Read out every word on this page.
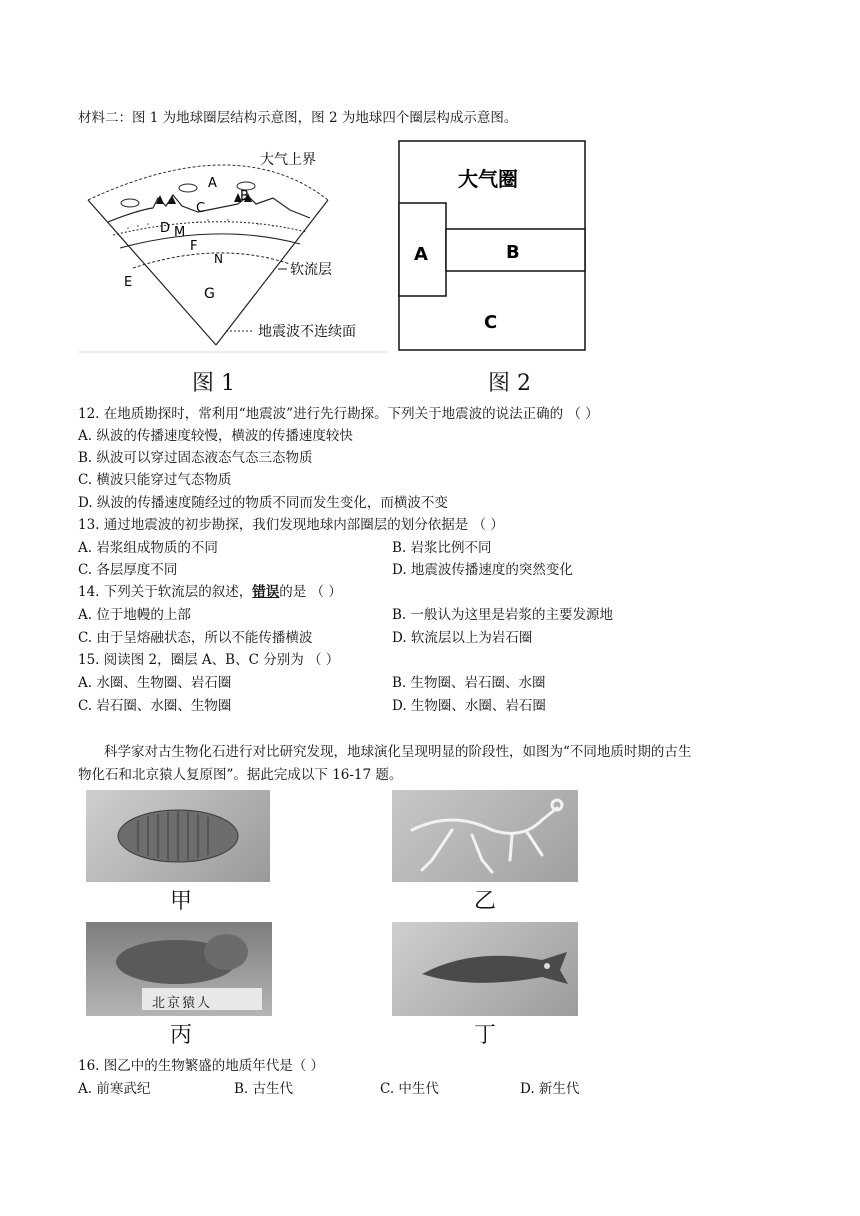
材料二：图 1 为地球圈层结构示意图，图 2 为地球四个圈层构成示意图。
大气上界
A
B
C
D M
F
N
E
G
软流层
地震波不连续面
图 1
大气圈
A	B
C
图 2
12. 在地质勘探时，常利用“地震波”进行先行勘探。下列关于地震波的说法正确的 （ ）
A. 纵波的传播速度较慢，横波的传播速度较快
B. 纵波可以穿过固态液态气态三态物质
C. 横波只能穿过气态物质
D. 纵波的传播速度随经过的物质不同而发生变化，而横波不变
13. 通过地震波的初步勘探，我们发现地球内部圈层的划分依据是 （ ）
A. 岩浆组成物质的不同	B. 岩浆比例不同
C. 各层厚度不同	D. 地震波传播速度的突然变化
14. 下列关于软流层的叙述，错误的是 （ ）
A. 位于地幔的上部	B. 一般认为这里是岩浆的主要发源地
C. 由于呈熔融状态，所以不能传播横波	D. 软流层以上为岩石圈
15. 阅读图 2，圈层 A、B、C 分别为 （ ）
A. 水圈、生物圈、岩石圈	B. 生物圈、岩石圈、水圈
C. 岩石圈、水圈、生物圈	D. 生物圈、水圈、岩石圈
科学家对古生物化石进行对比研究发现，地球演化呈现明显的阶段性，如图为“不同地质时期的古生
物化石和北京猿人复原图”。据此完成以下 16-17 题。
甲	乙
北京猿人
丙	丁
16. 图乙中的生物繁盛的地质年代是（ ）
A. 前寒武纪	B. 古生代	C. 中生代	D. 新生代
